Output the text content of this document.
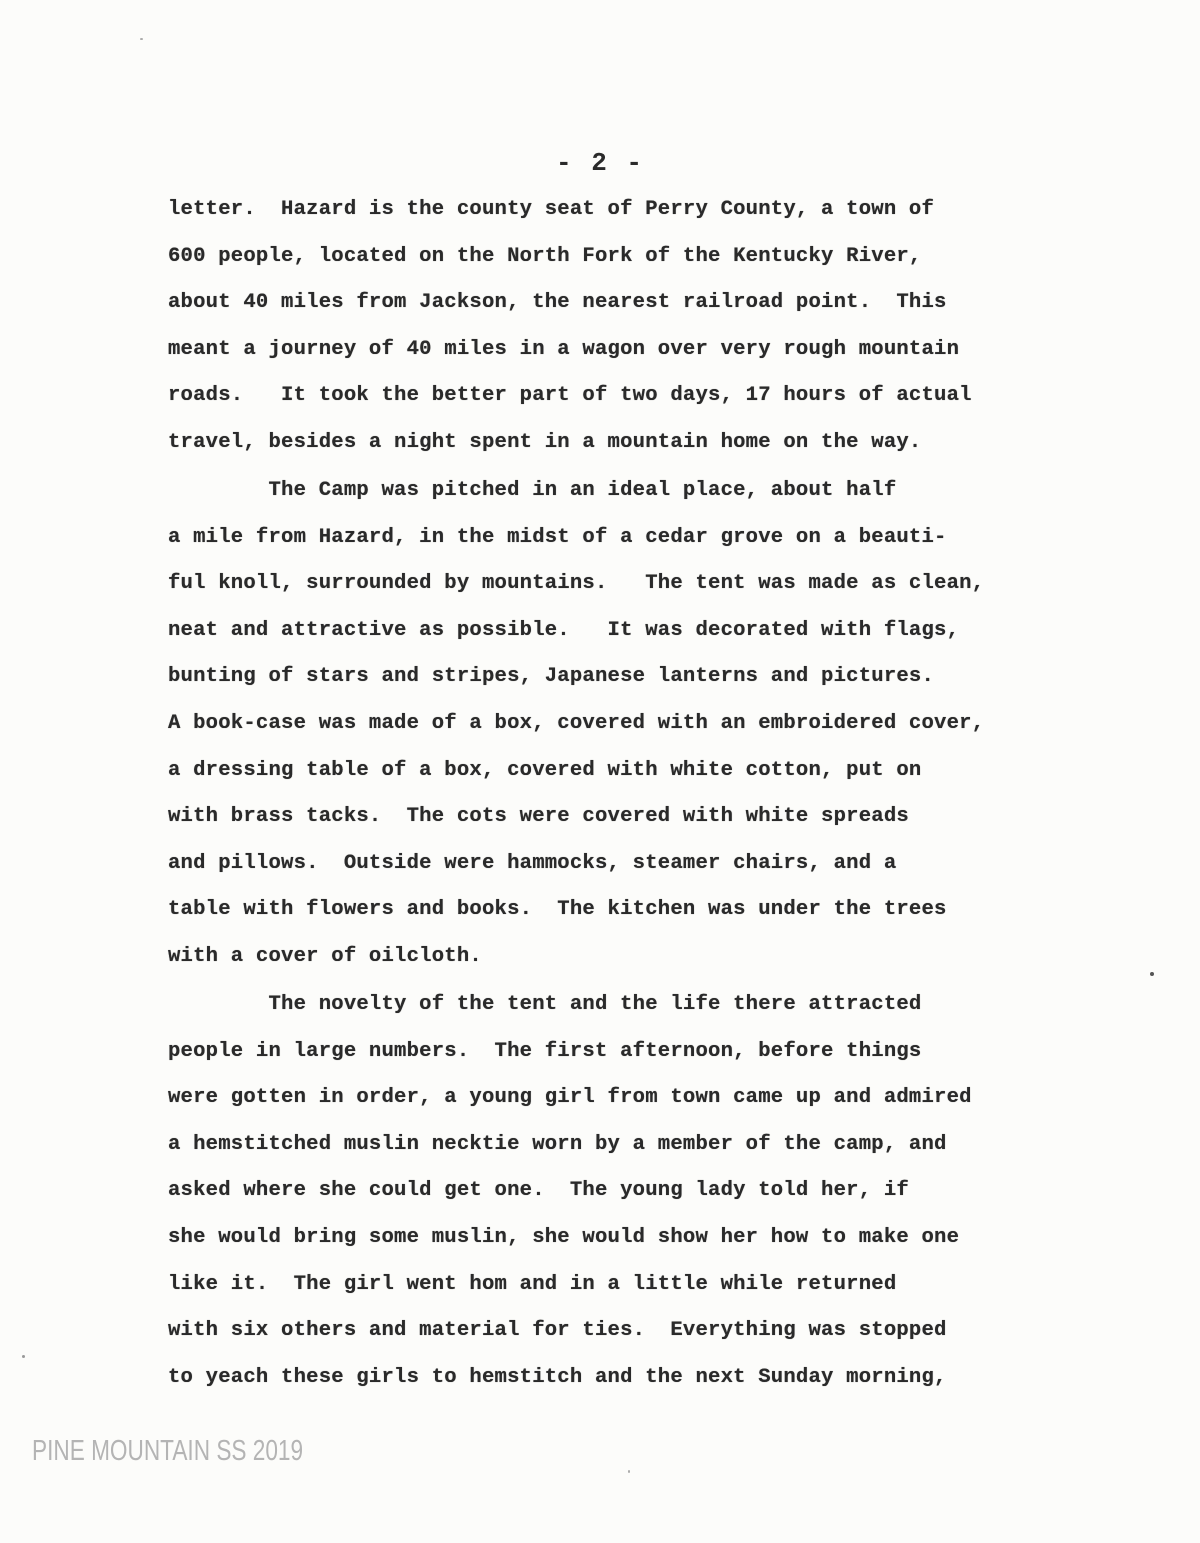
- 2 -
letter.  Hazard is the county seat of Perry County, a town of
600 people, located on the North Fork of the Kentucky River,
about 40 miles from Jackson, the nearest railroad point.  This
meant a journey of 40 miles in a wagon over very rough mountain
roads.   It took the better part of two days, 17 hours of actual
travel, besides a night spent in a mountain home on the way.
The Camp was pitched in an ideal place, about half
a mile from Hazard, in the midst of a cedar grove on a beauti-
ful knoll, surrounded by mountains.   The tent was made as clean,
neat and attractive as possible.   It was decorated with flags,
bunting of stars and stripes, Japanese lanterns and pictures.
A book-case was made of a box, covered with an embroidered cover,
a dressing table of a box, covered with white cotton, put on
with brass tacks.  The cots were covered with white spreads
and pillows.  Outside were hammocks, steamer chairs, and a
table with flowers and books.  The kitchen was under the trees
with a cover of oilcloth.
The novelty of the tent and the life there attracted
people in large numbers.  The first afternoon, before things
were gotten in order, a young girl from town came up and admired
a hemstitched muslin necktie worn by a member of the camp, and
asked where she could get one.  The young lady told her, if
she would bring some muslin, she would show her how to make one
like it.  The girl went hom and in a little while returned
with six others and material for ties.  Everything was stopped
to yeach these girls to hemstitch and the next Sunday morning,
PINE MOUNTAIN SS 2019
